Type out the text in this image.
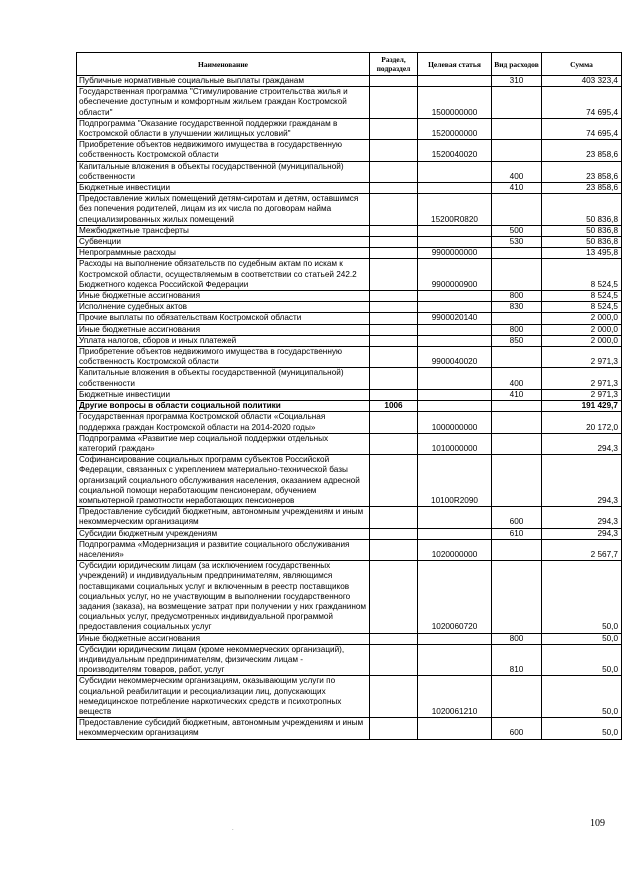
Наименование	Раздел, подраздел	Целевая статья	Вид расходов	Сумма
Публичные нормативные социальные выплаты гражданам			310	403 323,4
Государственная программа "Стимулирование строительства жилья и обеспечение доступным и комфортным жильем граждан Костромской области"		1500000000		74 695,4
Подпрограмма "Оказание государственной поддержки гражданам в Костромской области в улучшении жилищных условий"		1520000000		74 695,4
Приобретение объектов недвижимого имущества в государственную собственность Костромской области		1520040020		23 858,6
Капитальные вложения в объекты государственной (муниципальной) собственности			400	23 858,6
Бюджетные инвестиции			410	23 858,6
Предоставление жилых помещений детям-сиротам и детям, оставшимся без попечения родителей, лицам из их числа по договорам найма специализированных жилых помещений		15200R0820		50 836,8
Межбюджетные трансферты			500	50 836,8
Субвенции			530	50 836,8
Непрограммные расходы		9900000000		13 495,8
Расходы на выполнение обязательств по судебным актам по искам к Костромской области, осуществляемым в соответствии со статьей 242.2 Бюджетного кодекса Российской Федерации		9900000900		8 524,5
Иные бюджетные ассигнования			800	8 524,5
Исполнение судебных актов			830	8 524,5
Прочие выплаты по обязательствам Костромской области		9900020140		2 000,0
Иные бюджетные ассигнования			800	2 000,0
Уплата налогов, сборов и иных платежей			850	2 000,0
Приобретение объектов недвижимого имущества в государственную собственность Костромской области		9900040020		2 971,3
Капитальные вложения в объекты государственной (муниципальной) собственности			400	2 971,3
Бюджетные инвестиции			410	2 971,3
Другие вопросы в области социальной политики	1006			191 429,7
Государственная программа Костромской области «Социальная поддержка граждан Костромской области на 2014-2020 годы»		1000000000		20 172,0
Подпрограмма «Развитие мер социальной поддержки отдельных категорий граждан»		1010000000		294,3
Софинансирование социальных программ субъектов Российской Федерации, связанных с укреплением материально-технической базы организаций социального обслуживания населения, оказанием адресной социальной помощи неработающим пенсионерам, обучением компьютерной грамотности неработающих пенсионеров		10100R2090		294,3
Предоставление субсидий бюджетным, автономным учреждениям и иным некоммерческим организациям			600	294,3
Субсидии бюджетным учреждениям			610	294,3
Подпрограмма «Модернизация и развитие социального обслуживания населения»		1020000000		2 567,7
Субсидии юридическим лицам (за исключением государственных учреждений) и индивидуальным предпринимателям, являющимся поставщиками социальных услуг и включенным в реестр поставщиков социальных услуг, но не участвующим в выполнении государственного задания (заказа), на возмещение затрат при получении у них гражданином социальных услуг, предусмотренных индивидуальной программой предоставления социальных услуг		1020060720		50,0
Иные бюджетные ассигнования			800	50,0
Субсидии юридическим лицам (кроме некоммерческих организаций), индивидуальным предпринимателям, физическим лицам - производителям товаров, работ, услуг			810	50,0
Субсидии некоммерческим организациям, оказывающим услуги по социальной реабилитации и ресоциализации лиц, допускающих немедицинское потребление наркотических средств и психотропных веществ		1020061210		50,0
Предоставление субсидий бюджетным, автономным учреждениям и иным некоммерческим организациям			600	50,0
.	109
